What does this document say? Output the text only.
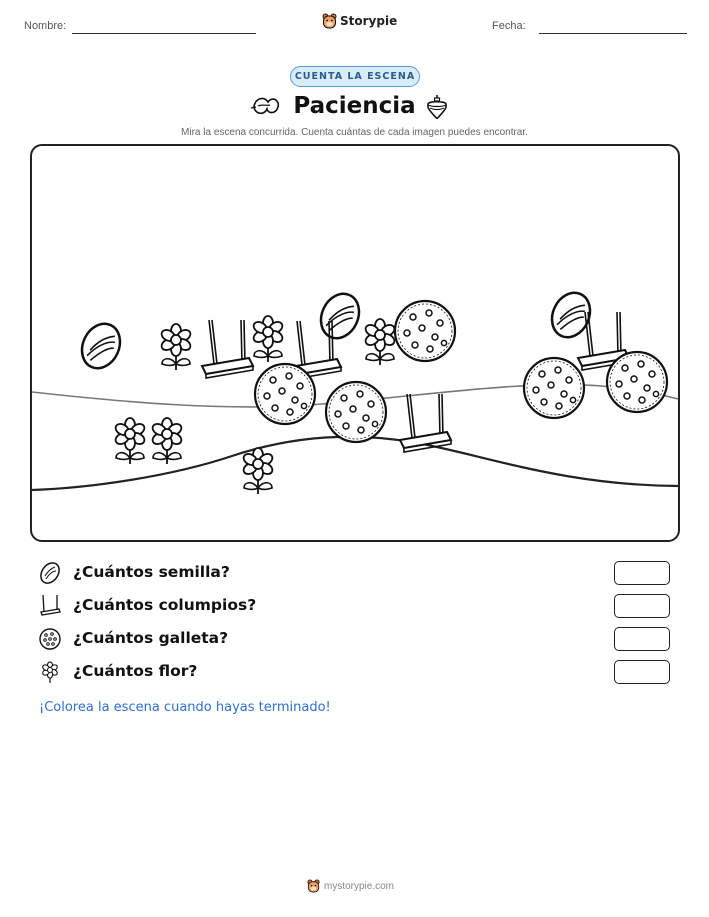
Nombre:	Storypie	Fecha:
CUENTA LA ESCENA
Paciencia
Mira la escena concurrida. Cuenta cuántas de cada imagen puedes encontrar.
¿Cuántos semilla?
¿Cuántos columpios?
¿Cuántos galleta?
¿Cuántos flor?
¡Colorea la escena cuando hayas terminado!
mystorypie.com
